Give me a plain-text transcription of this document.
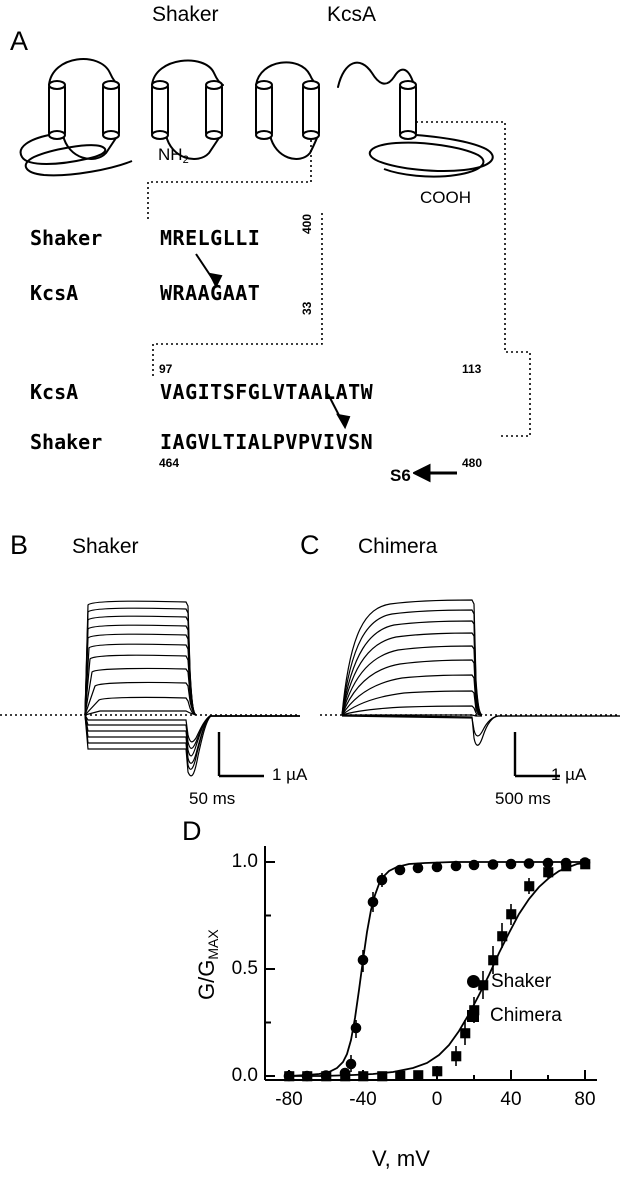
A
Shaker	KcsA
$NH_2$
COOH
Shaker	MRELGLLI
400
KcsA	WRAAGAAT
33
KcsA	VAGITSFGLVTAALATW
97	113
Shaker	IAGVLTIALPVPVIVSN
464	480
S6
B Shaker
1 µA
50 ms
C Chimera
1 µA
500 ms
D
$G/G_{MAX}$
1.0
0.5
0.0
-80	-40	0	40	80
V, mV
Shaker
Chimera
